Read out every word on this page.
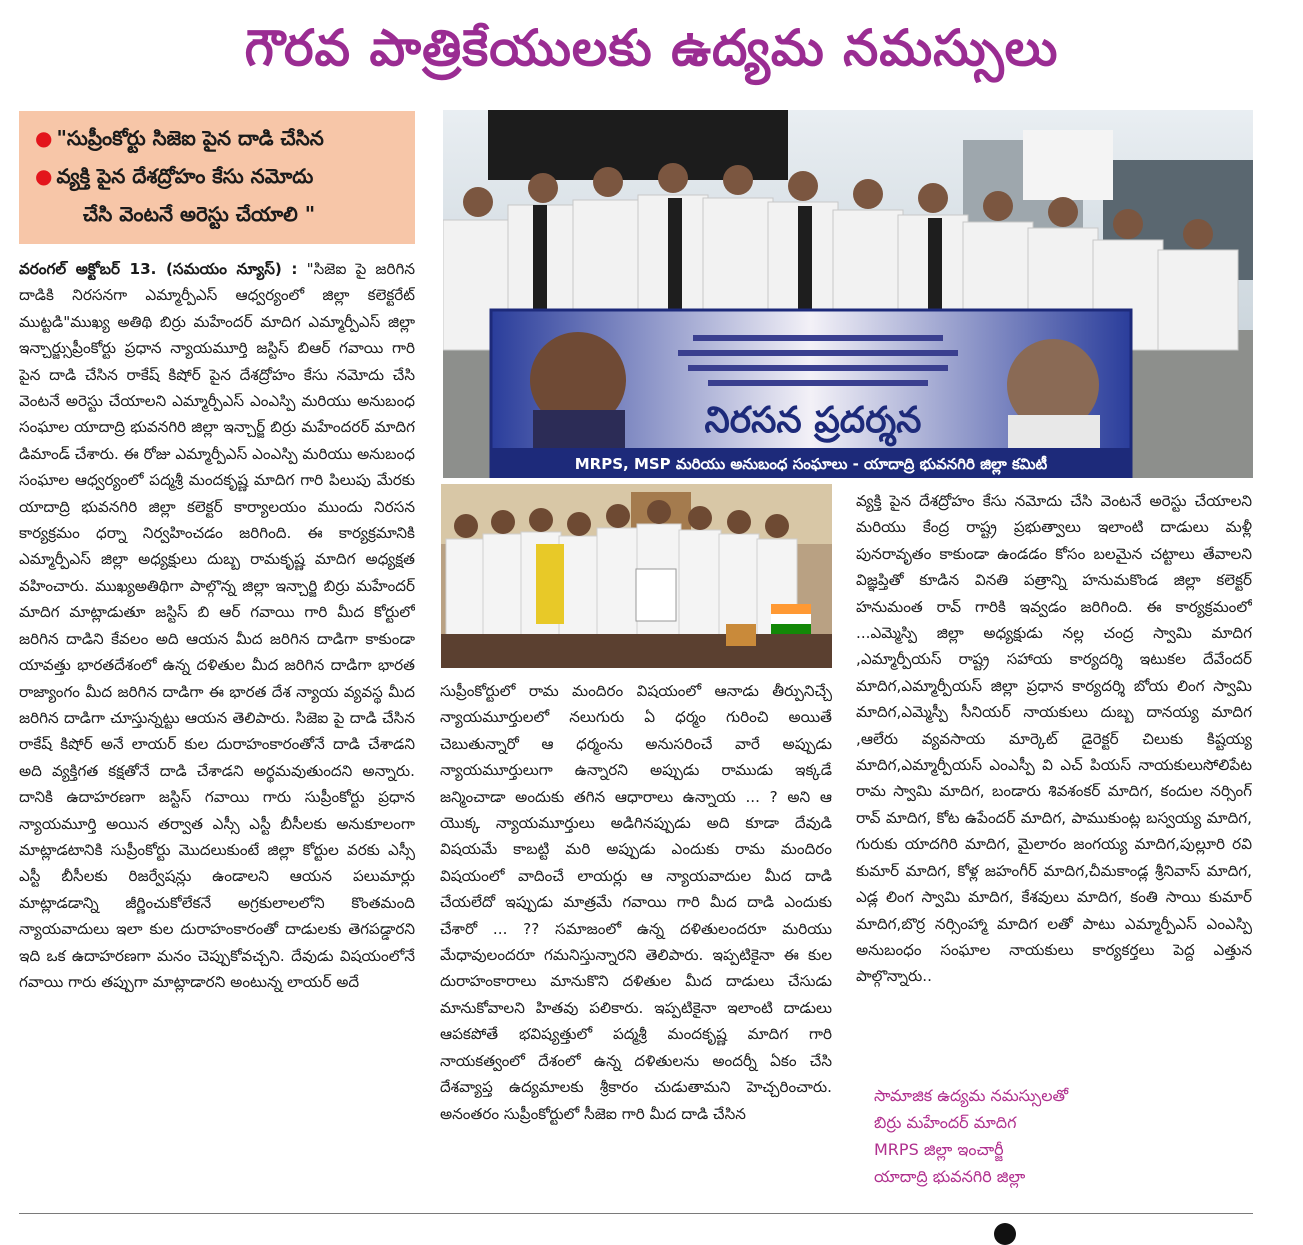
గౌరవ పాత్రికేయులకు ఉద్యమ నమస్సులు
● "సుప్రీంకోర్టు సిజెఐ పైన దాడి చేసిన
● వ్యక్తి పైన దేశద్రోహం కేసు నమోదు
చేసి వెంటనే అరెస్టు చేయాలి "
నిరసన ప్రదర్శన
MRPS, MSP మరియు అనుబంధ సంఘాలు - యాదాద్రి భువనగిరి జిల్లా కమిటీ

వరంగల్ అక్టోబర్ 13. (సమయం న్యూస్) : "సిజెఐ పై జరిగిన దాడికి నిరసనగా ఎమ్మార్పీఎస్ ఆధ్వర్యంలో జిల్లా కలెక్టరేట్ ముట్టడి"ముఖ్య అతిథి బిర్రు మహేందర్ మాదిగ ఎమ్మార్పీఎస్ జిల్లా ఇన్చార్జ్సుప్రీంకోర్టు ప్రధాన న్యాయమూర్తి జస్టిస్ బిఆర్ గవాయి గారి పైన దాడి చేసిన రాకేష్ కిషోర్ పైన దేశద్రోహం కేసు నమోదు చేసి వెంటనే అరెస్టు చేయాలని ఎమ్మార్పీఎస్ ఎంఎస్పి మరియు అనుబంధ సంఘాల యాదాద్రి భువనగిరి జిల్లా ఇన్చార్జ్ బిర్రు మహేందరర్ మాదిగ డిమాండ్ చేశారు. ఈ రోజు ఎమ్మార్పీఎస్ ఎంఎస్పి మరియు అనుబంధ సంఘాల ఆధ్వర్యంలో పద్మశ్రీ మందకృష్ణ మాదిగ గారి పిలుపు మేరకు యాదాద్రి భువనగిరి జిల్లా కలెక్టర్ కార్యాలయం ముందు నిరసన కార్యక్రమం ధర్నా నిర్వహించడం జరిగింది. ఈ కార్యక్రమానికి ఎమ్మార్పీఎస్ జిల్లా అధ్యక్షులు దుబ్బ రామకృష్ణ మాదిగ అధ్యక్షత వహించారు. ముఖ్యఅతిథిగా పాల్గొన్న జిల్లా ఇన్చార్జి బిర్రు మహేందర్ మాదిగ మాట్లాడుతూ జస్టిస్ బి ఆర్ గవాయి గారి మీద కోర్టులో జరిగిన దాడిని కేవలం అది ఆయన మీద జరిగిన దాడిగా కాకుండా యావత్తు భారతదేశంలో ఉన్న దళితుల మీద జరిగిన దాడిగా భారత రాజ్యాంగం మీద జరిగిన దాడిగా ఈ భారత దేశ న్యాయ వ్యవస్థ మీద జరిగిన దాడిగా చూస్తున్నట్టు ఆయన తెలిపారు. సిజెఐ పై దాడి చేసిన రాకేష్ కిషోర్ అనే లాయర్ కుల దురాహంకారంతోనే దాడి చేశాడని అది వ్యక్తిగత కక్షతోనే దాడి చేశాడని అర్థమవుతుందని అన్నారు. దానికి ఉదాహరణగా జస్టిస్ గవాయి గారు సుప్రీంకోర్టు ప్రధాన న్యాయమూర్తి అయిన తర్వాత ఎస్సీ ఎస్టీ బీసీలకు అనుకూలంగా మాట్లాడటానికి సుప్రీంకోర్టు మొదలుకుంటే జిల్లా కోర్టుల వరకు ఎస్సీ ఎస్టీ బీసీలకు రిజర్వేషన్లు ఉండాలని ఆయన పలుమార్లు మాట్లాడడాన్ని జీర్ణించుకోలేకనే అగ్రకులాలలోని కొంతమంది న్యాయవాదులు ఇలా కుల దురాహంకారంతో దాడులకు తెగపడ్డారని ఇది ఒక ఉదాహరణగా మనం చెప్పుకోవచ్చని. దేవుడు విషయంలోనే గవాయి గారు తప్పుగా మాట్లాడారని అంటున్న లాయర్ అదే

సుప్రీంకోర్టులో రామ మందిరం విషయంలో ఆనాడు తీర్పునిచ్చే న్యాయమూర్తులలో నలుగురు ఏ ధర్మం గురించి అయితే చెబుతున్నారో ఆ ధర్మంను అనుసరించే వారే అప్పుడు న్యాయమూర్తులుగా ఉన్నారని అప్పుడు రాముడు ఇక్కడే జన్మించాడా అందుకు తగిన ఆధారాలు ఉన్నాయ ... ? అని ఆ యొక్క న్యాయమూర్తులు అడిగినప్పుడు అది కూడా దేవుడి విషయమే కాబట్టి మరి అప్పుడు ఎందుకు రామ మందిరం విషయంలో వాదించే లాయర్లు ఆ న్యాయవాదుల మీద దాడి చేయలేదో ఇప్పుడు మాత్రమే గవాయి గారి మీద దాడి ఎందుకు చేశారో ... ?? సమాజంలో ఉన్న దళితులందరూ మరియు మేధావులందరూ గమనిస్తున్నారని తెలిపారు. ఇప్పటికైనా ఈ కుల దురాహంకారాలు మానుకొని దళితుల మీద దాడులు చేసుడు మానుకోవాలని హితవు పలికారు. ఇప్పటికైనా ఇలాంటి దాడులు ఆపకపోతే భవిష్యత్తులో పద్మశ్రీ మందకృష్ణ మాదిగ గారి నాయకత్వంలో దేశంలో ఉన్న దళితులను అందర్నీ ఏకం చేసి దేశవ్యాప్త ఉద్యమాలకు శ్రీకారం చుడుతామని హెచ్చరించారు. అనంతరం సుప్రీంకోర్టులో సీజెఐ గారి మీద దాడి చేసిన

వ్యక్తి పైన దేశద్రోహం కేసు నమోదు చేసి వెంటనే అరెస్టు చేయాలని మరియు కేంద్ర రాష్ట్ర ప్రభుత్వాలు ఇలాంటి దాడులు మళ్లీ పునరావృతం కాకుండా ఉండడం కోసం బలమైన చట్టాలు తేవాలని విజ్ఞప్తితో కూడిన వినతి పత్రాన్ని హనుమకొండ జిల్లా కలెక్టర్ హనుమంత రావ్ గారికి ఇవ్వడం జరిగింది. ఈ కార్యక్రమంలో ...ఎమ్మెస్పి జిల్లా అధ్యక్షుడు నల్ల చంద్ర స్వామి మాదిగ ,ఎమ్మార్పీయస్ రాష్ట్ర సహాయ కార్యదర్శి ఇటుకల దేవేందర్ మాదిగ,ఎమ్మార్పీయస్ జిల్లా ప్రధాన కార్యదర్శి బోయ లింగ స్వామి మాదిగ,ఎమ్మెస్పీ సీనియర్ నాయకులు దుబ్బ దానయ్య మాదిగ ,ఆలేరు వ్యవసాయ మార్కెట్ డైరెక్టర్ చిలుకు కిష్టయ్య మాదిగ,ఎమ్మార్పీయస్ ఎంఎస్పీ వి ఎచ్ పియస్ నాయకులుసోలిపేట రామ స్వామి మాదిగ, బండారు శివశంకర్ మాదిగ, కందుల నర్సింగ్ రావ్ మాదిగ, కోట ఉపేందర్ మాదిగ, పాముకుంట్ల బస్వయ్య మాదిగ, గురుకు యాదగిరి మాదిగ, మైలారం జంగయ్య మాదిగ,పుల్లూరి రవి కుమార్ మాదిగ, కోళ్ల జహంగీర్ మాదిగ,చీమకాండ్ల శ్రీనివాస్ మాదిగ, ఎడ్ల లింగ స్వామి మాదిగ, కేశవులు మాదిగ, కంతి సాయి కుమార్ మాదిగ,బొర్ర నర్సింహ్మా మాదిగ లతో పాటు ఎమ్మార్పీఎస్ ఎంఎస్పి అనుబంధం సంఘాల నాయకులు కార్యకర్తలు పెద్ద ఎత్తున పాల్గొన్నారు..

సామాజిక ఉద్యమ నమస్సులతో
బిర్రు మహేందర్ మాదిగ
MRPS జిల్లా ఇంచార్జీ
యాదాద్రి భువనగిరి జిల్లా
